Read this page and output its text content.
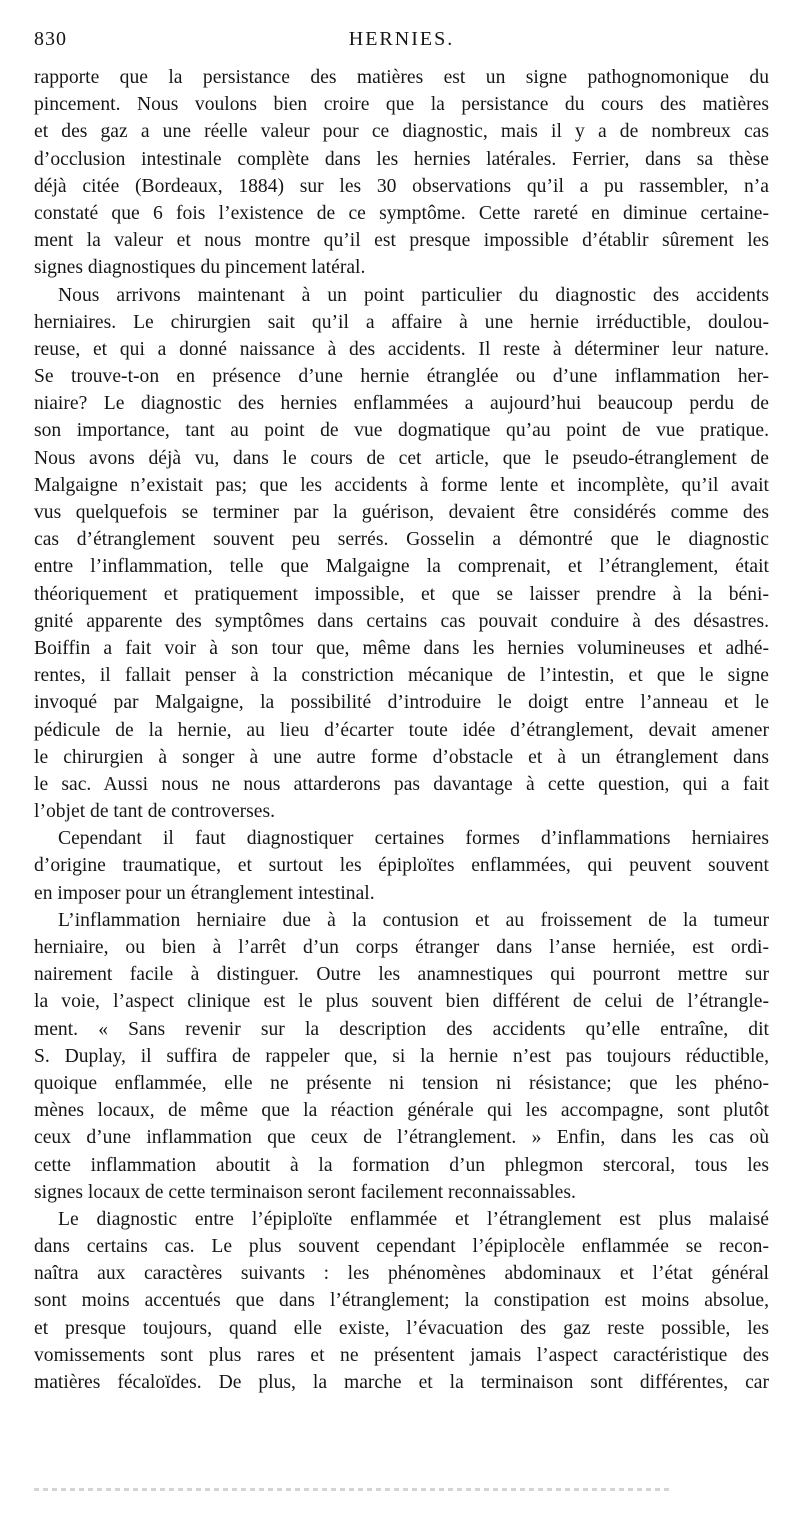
830	HERNIES.
rapporte que la persistance des matières est un signe pathognomonique du
pincement. Nous voulons bien croire que la persistance du cours des matières
et des gaz a une réelle valeur pour ce diagnostic, mais il y a de nombreux cas
d’occlusion intestinale complète dans les hernies latérales. Ferrier, dans sa thèse
déjà citée (Bordeaux, 1884) sur les 30 observations qu’il a pu rassembler, n’a
constaté que 6 fois l’existence de ce symptôme. Cette rareté en diminue certaine-
ment la valeur et nous montre qu’il est presque impossible d’établir sûrement les
signes diagnostiques du pincement latéral.
Nous arrivons maintenant à un point particulier du diagnostic des accidents
herniaires. Le chirurgien sait qu’il a affaire à une hernie irréductible, doulou-
reuse, et qui a donné naissance à des accidents. Il reste à déterminer leur nature.
Se trouve-t-on en présence d’une hernie étranglée ou d’une inflammation her-
niaire? Le diagnostic des hernies enflammées a aujourd’hui beaucoup perdu de
son importance, tant au point de vue dogmatique qu’au point de vue pratique.
Nous avons déjà vu, dans le cours de cet article, que le pseudo-étranglement de
Malgaigne n’existait pas; que les accidents à forme lente et incomplète, qu’il avait
vus quelquefois se terminer par la guérison, devaient être considérés comme des
cas d’étranglement souvent peu serrés. Gosselin a démontré que le diagnostic
entre l’inflammation, telle que Malgaigne la comprenait, et l’étranglement, était
théoriquement et pratiquement impossible, et que se laisser prendre à la béni-
gnité apparente des symptômes dans certains cas pouvait conduire à des désastres.
Boiffin a fait voir à son tour que, même dans les hernies volumineuses et adhé-
rentes, il fallait penser à la constriction mécanique de l’intestin, et que le signe
invoqué par Malgaigne, la possibilité d’introduire le doigt entre l’anneau et le
pédicule de la hernie, au lieu d’écarter toute idée d’étranglement, devait amener
le chirurgien à songer à une autre forme d’obstacle et à un étranglement dans
le sac. Aussi nous ne nous attarderons pas davantage à cette question, qui a fait
l’objet de tant de controverses.
Cependant il faut diagnostiquer certaines formes d’inflammations herniaires
d’origine traumatique, et surtout les épiploïtes enflammées, qui peuvent souvent
en imposer pour un étranglement intestinal.
L’inflammation herniaire due à la contusion et au froissement de la tumeur
herniaire, ou bien à l’arrêt d’un corps étranger dans l’anse herniée, est ordi-
nairement facile à distinguer. Outre les anamnestiques qui pourront mettre sur
la voie, l’aspect clinique est le plus souvent bien différent de celui de l’étrangle-
ment. « Sans revenir sur la description des accidents qu’elle entraîne, dit
S. Duplay, il suffira de rappeler que, si la hernie n’est pas toujours réductible,
quoique enflammée, elle ne présente ni tension ni résistance; que les phéno-
mènes locaux, de même que la réaction générale qui les accompagne, sont plutôt
ceux d’une inflammation que ceux de l’étranglement. » Enfin, dans les cas où
cette inflammation aboutit à la formation d’un phlegmon stercoral, tous les
signes locaux de cette terminaison seront facilement reconnaissables.
Le diagnostic entre l’épiploïte enflammée et l’étranglement est plus malaisé
dans certains cas. Le plus souvent cependant l’épiplocèle enflammée se recon-
naîtra aux caractères suivants : les phénomènes abdominaux et l’état général
sont moins accentués que dans l’étranglement; la constipation est moins absolue,
et presque toujours, quand elle existe, l’évacuation des gaz reste possible, les
vomissements sont plus rares et ne présentent jamais l’aspect caractéristique des
matières fécaloïdes. De plus, la marche et la terminaison sont différentes, car
